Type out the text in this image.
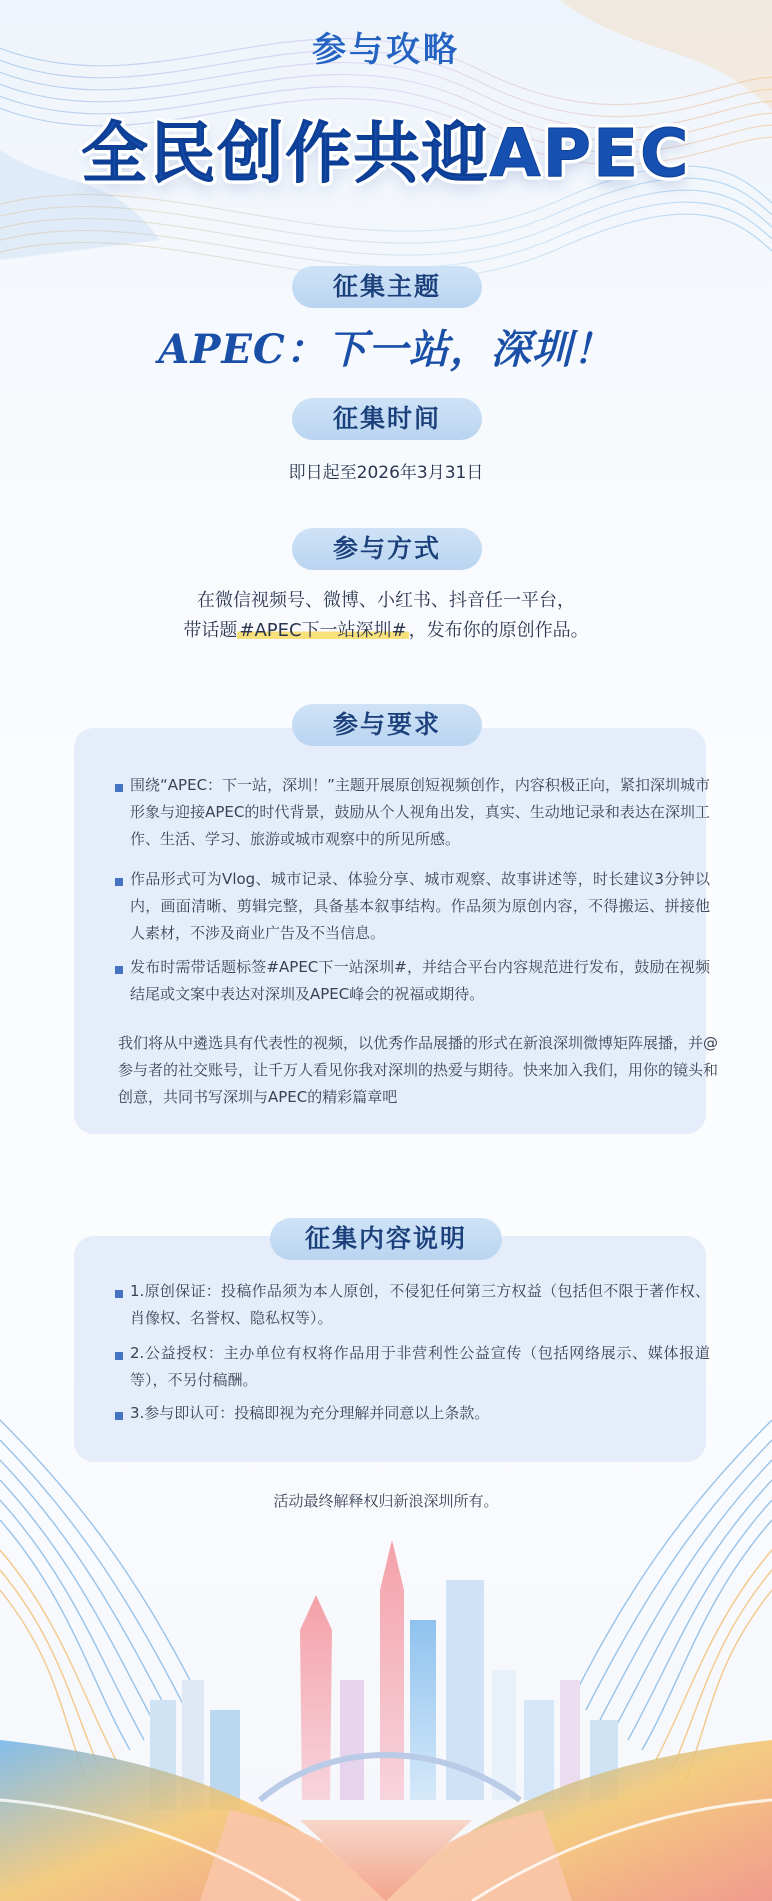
参与攻略
全民创作共迎APEC
征集主题
APEC：下一站，深圳！
征集时间
即日起至2026年3月31日
参与方式
在微信视频号、微博、小红书、抖音任一平台，
带话题 #APEC下一站深圳# ，发布你的原创作品。
参与要求
围绕“APEC：下一站，深圳！”主题开展原创短视频创作，内容积极正向，紧扣深圳城市形象与迎接APEC的时代背景，鼓励从个人视角出发，真实、生动地记录和表达在深圳工作、生活、学习、旅游或城市观察中的所见所感。
作品形式可为Vlog、城市记录、体验分享、城市观察、故事讲述等，时长建议3分钟以内，画面清晰、剪辑完整，具备基本叙事结构。作品须为原创内容，不得搬运、拼接他人素材，不涉及商业广告及不当信息。
发布时需带话题标签#APEC下一站深圳#，并结合平台内容规范进行发布，鼓励在视频结尾或文案中表达对深圳及APEC峰会的祝福或期待。
我们将从中遴选具有代表性的视频，以优秀作品展播的形式在新浪深圳微博矩阵展播，并@参与者的社交账号，让千万人看见你我对深圳的热爱与期待。快来加入我们，用你的镜头和创意，共同书写深圳与APEC的精彩篇章吧
征集内容说明
1.原创保证：投稿作品须为本人原创，不侵犯任何第三方权益（包括但不限于著作权、肖像权、名誉权、隐私权等）。
2.公益授权：主办单位有权将作品用于非营利性公益宣传（包括网络展示、媒体报道等），不另付稿酬。
3.参与即认可：投稿即视为充分理解并同意以上条款。
活动最终解释权归新浪深圳所有。
